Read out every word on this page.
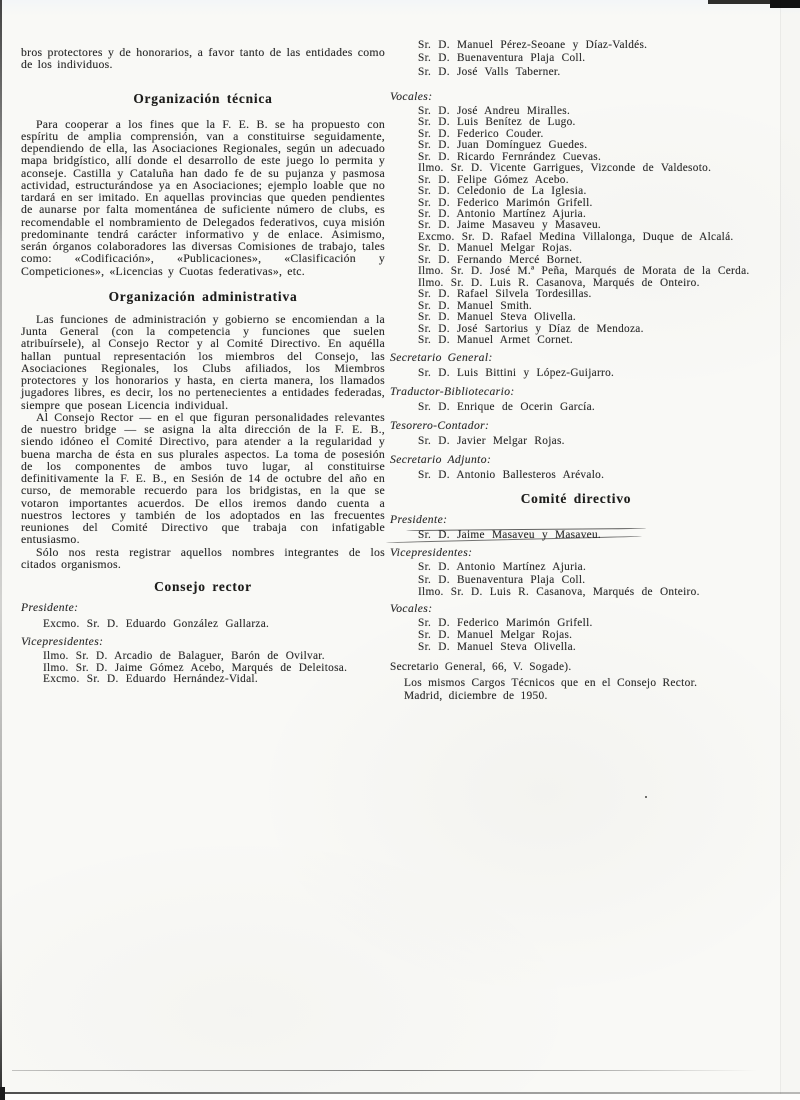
bros protectores y de honorarios, a favor tanto de las entidades como de los individuos.

Organización técnica

Para cooperar a los fines que la F. E. B. se ha propuesto con espíritu de amplia comprensión, van a constituirse seguidamente, dependiendo de ella, las Asociaciones Regionales, según un adecuado mapa bridgístico, allí donde el desarrollo de este juego lo permita y aconseje. Castilla y Cataluña han dado fe de su pujanza y pasmosa actividad, estructurándose ya en Asociaciones; ejemplo loable que no tardará en ser imitado. En aquellas provincias que queden pendientes de aunarse por falta momentánea de suficiente número de clubs, es recomendable el nombramiento de Delegados federativos, cuya misión predominante tendrá carácter informativo y de enlace. Asimismo, serán órganos colaboradores las diversas Comisiones de trabajo, tales como: «Codificación», «Publicaciones», «Clasificación y Competiciones», «Licencias y Cuotas federativas», etc.

Organización administrativa

Las funciones de administración y gobierno se encomiendan a la Junta General (con la competencia y funciones que suelen atribuírsele), al Consejo Rector y al Comité Directivo. En aquélla hallan puntual representación los miembros del Consejo, las Asociaciones Regionales, los Clubs afiliados, los Miembros protectores y los honorarios y hasta, en cierta manera, los llamados jugadores libres, es decir, los no pertenecientes a entidades federadas, siempre que posean Licencia individual.

Al Consejo Rector — en el que figuran personalidades relevantes de nuestro bridge — se asigna la alta dirección de la F. E. B., siendo idóneo el Comité Directivo, para atender a la regularidad y buena marcha de ésta en sus plurales aspectos. La toma de posesión de los componentes de ambos tuvo lugar, al constituirse definitivamente la F. E. B., en Sesión de 14 de octubre del año en curso, de memorable recuerdo para los bridgistas, en la que se votaron importantes acuerdos. De ellos iremos dando cuenta a nuestros lectores y también de los adoptados en las frecuentes reuniones del Comité Directivo que trabaja con infatigable entusiasmo.

Sólo nos resta registrar aquellos nombres integrantes de los citados organismos.

Consejo rector
Presidente:
Excmo. Sr. D. Eduardo González Gallarza.
Vicepresidentes:
Ilmo. Sr. D. Arcadio de Balaguer, Barón de Ovilvar.
Ilmo. Sr. D. Jaime Gómez Acebo, Marqués de Deleitosa.
Excmo. Sr. D. Eduardo Hernández-Vidal.
Sr. D. Manuel Pérez-Seoane y Díaz-Valdés.
Sr. D. Buenaventura Plaja Coll.
Sr. D. José Valls Taberner.
Vocales:
Sr. D. José Andreu Miralles.
Sr. D. Luis Benítez de Lugo.
Sr. D. Federico Couder.
Sr. D. Juan Domínguez Guedes.
Sr. D. Ricardo Fernrández Cuevas.
Ilmo. Sr. D. Vicente Garrigues, Vizconde de Valdesoto.
Sr. D. Felipe Gómez Acebo.
Sr. D. Celedonio de La Iglesia.
Sr. D. Federico Marimón Grifell.
Sr. D. Antonio Martínez Ajuria.
Sr. D. Jaime Masaveu y Masaveu.
Excmo. Sr. D. Rafael Medina Villalonga, Duque de Alcalá.
Sr. D. Manuel Melgar Rojas.
Sr. D. Fernando Mercé Bornet.
Ilmo. Sr. D. José M.ª Peña, Marqués de Morata de la Cerda.
Ilmo. Sr. D. Luis R. Casanova, Marqués de Onteiro.
Sr. D. Rafael Silvela Tordesillas.
Sr. D. Manuel Smith.
Sr. D. Manuel Steva Olivella.
Sr. D. José Sartorius y Díaz de Mendoza.
Sr. D. Manuel Armet Cornet.
Secretario General:
Sr. D. Luis Bittini y López-Guijarro.
Traductor-Bibliotecario:
Sr. D. Enrique de Ocerin García.
Tesorero-Contador:
Sr. D. Javier Melgar Rojas.
Secretario Adjunto:
Sr. D. Antonio Ballesteros Arévalo.
Comité directivo
Presidente:
Sr. D. Jaime Masaveu y Masaveu.
Vicepresidentes:
Sr. D. Antonio Martínez Ajuria.
Sr. D. Buenaventura Plaja Coll.
Ilmo. Sr. D. Luis R. Casanova, Marqués de Onteiro.
Vocales:
Sr. D. Federico Marimón Grifell.
Sr. D. Manuel Melgar Rojas.
Sr. D. Manuel Steva Olivella.
Secretario General, 66, V. Sogade).
Los mismos Cargos Técnicos que en el Consejo Rector.
Madrid, diciembre de 1950.
